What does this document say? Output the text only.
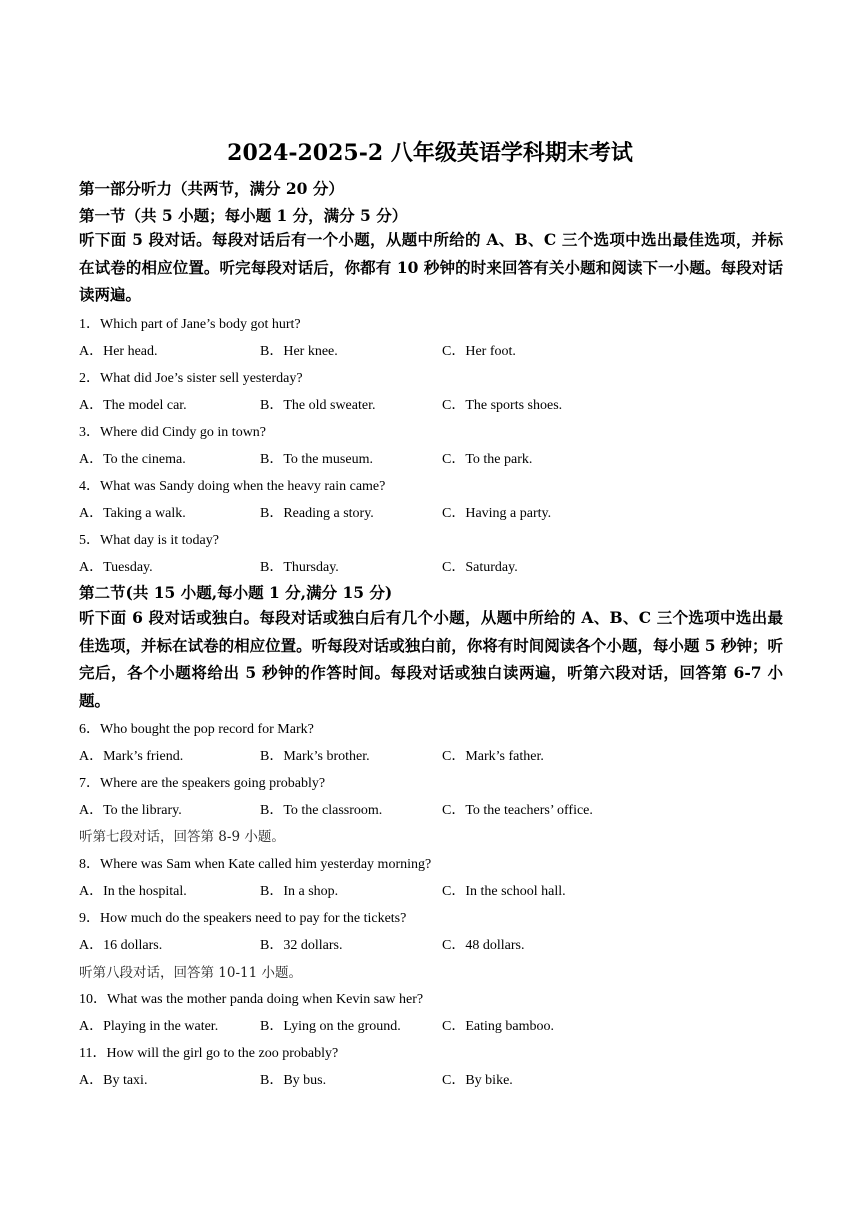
2024-2025-2 八年级英语学科期末考试
第一部分听力（共两节，满分 20 分）
第一节（共 5 小题；每小题 1 分，满分 5 分）
听下面 5 段对话。每段对话后有一个小题，从题中所给的 A、B、C 三个选项中选出最佳选项，并标在试卷的相应位置。听完每段对话后，你都有 10 秒钟的时来回答有关小题和阅读下一小题。每段对话读两遍。
1．Which part of Jane’s body got hurt?
A．Her head.	B．Her knee.	C．Her foot.
2．What did Joe’s sister sell yesterday?
A．The model car.	B．The old sweater.	C．The sports shoes.
3．Where did Cindy go in town?
A．To the cinema.	B．To the museum.	C．To the park.
4．What was Sandy doing when the heavy rain came?
A．Taking a walk.	B．Reading a story.	C．Having a party.
5．What day is it today?
A．Tuesday.	B．Thursday.	C．Saturday.
第二节(共 15 小题,每小题 1 分,满分 15 分)
听下面 6 段对话或独白。每段对话或独白后有几个小题，从题中所给的 A、B、C 三个选项中选出最佳选项，并标在试卷的相应位置。听每段对话或独白前，你将有时间阅读各个小题，每小题 5 秒钟；听完后，各个小题将给出 5 秒钟的作答时间。每段对话或独白读两遍，听第六段对话，回答第 6-7 小题。
6．Who bought the pop record for Mark?
A．Mark’s friend.	B．Mark’s brother.	C．Mark’s father.
7．Where are the speakers going probably?
A．To the library.	B．To the classroom.	C．To the teachers’ office.
听第七段对话，回答第 8-9 小题。
8．Where was Sam when Kate called him yesterday morning?
A．In the hospital.	B．In a shop.	C．In the school hall.
9．How much do the speakers need to pay for the tickets?
A．16 dollars.	B．32 dollars.	C．48 dollars.
听第八段对话，回答第 10-11 小题。
10．What was the mother panda doing when Kevin saw her?
A．Playing in the water.	B．Lying on the ground.	C．Eating bamboo.
11．How will the girl go to the zoo probably?
A．By taxi.	B．By bus.	C．By bike.
